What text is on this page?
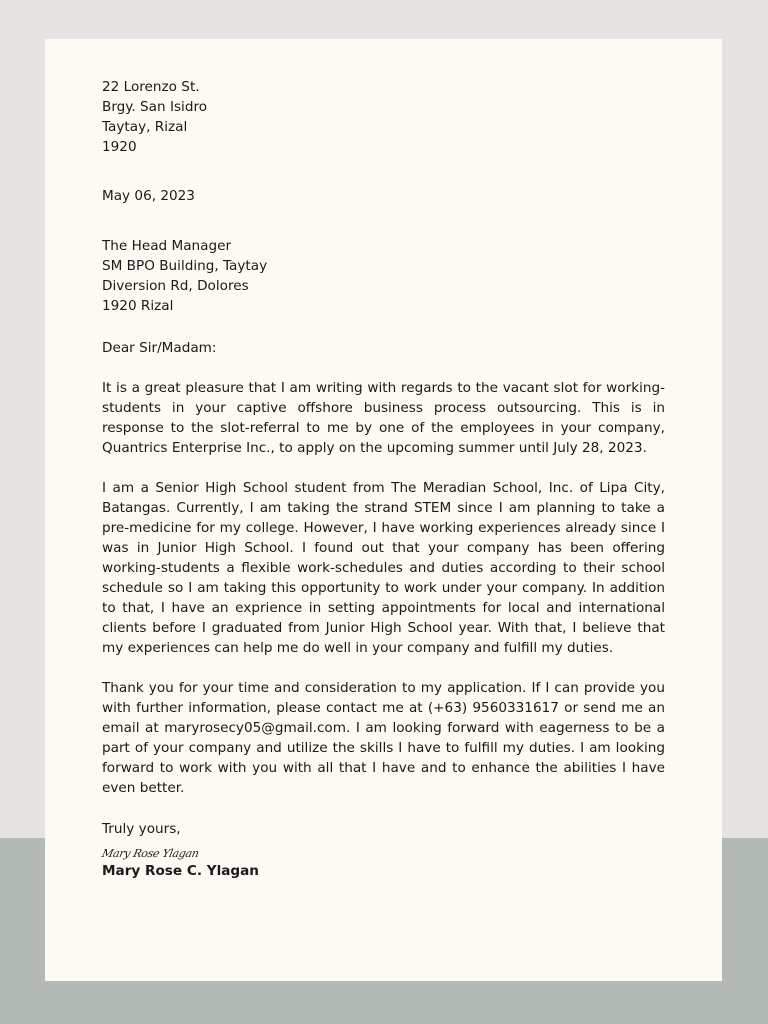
22 Lorenzo St.
Brgy. San Isidro
Taytay, Rizal
1920
May 06, 2023
The Head Manager
SM BPO Building, Taytay
Diversion Rd, Dolores
1920 Rizal
Dear Sir/Madam:

It is a great pleasure that I am writing with regards to the vacant slot for working-students in your captive offshore business process outsourcing. This is in response to the slot-referral to me by one of the employees in your company, Quantrics Enterprise Inc., to apply on the upcoming summer until July 28, 2023.

I am a Senior High School student from The Meradian School, Inc. of Lipa City, Batangas. Currently, I am taking the strand STEM since I am planning to take a pre-medicine for my college. However, I have working experiences already since I was in Junior High School. I found out that your company has been offering working-students a flexible work-schedules and duties according to their school schedule so I am taking this opportunity to work under your company. In addition to that, I have an exprience in setting appointments for local and international clients before I graduated from Junior High School year. With that, I believe that my experiences can help me do well in your company and fulfill my duties.

Thank you for your time and consideration to my application. If I can provide you with further information, please contact me at (+63) 9560331617 or send me an email at maryrosecy05@gmail.com. I am looking forward with eagerness to be a part of your company and utilize the skills I have to fulfill my duties. I am looking forward to work with you with all that I have and to enhance the abilities I have even better.

Truly yours,
Mary Rose Ylagan

Mary Rose C. Ylagan
